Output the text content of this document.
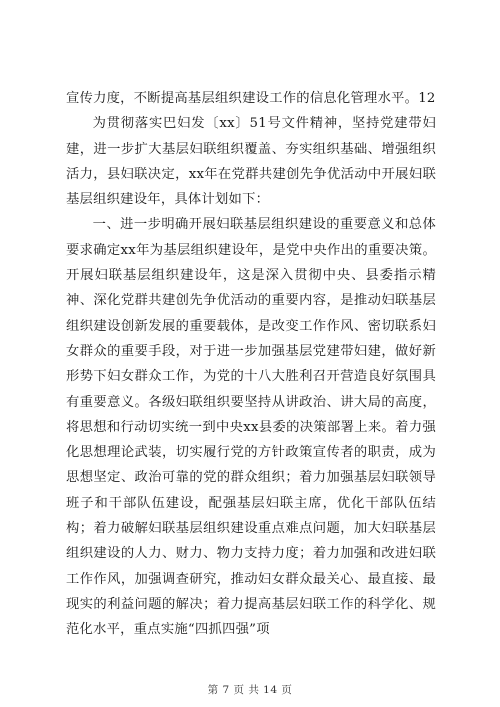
宣传力度，不断提高基层组织建设工作的信息化管理水平。12

为贯彻落实巴妇发〔xx〕51号文件精神，坚持党建带妇建，进一步扩大基层妇联组织覆盖、夯实组织基础、增强组织活力，县妇联决定，xx年在党群共建创先争优活动中开展妇联基层组织建设年，具体计划如下：

一、进一步明确开展妇联基层组织建设的重要意义和总体要求确定xx年为基层组织建设年，是党中央作出的重要决策。开展妇联基层组织建设年，这是深入贯彻中央、县委指示精神、深化党群共建创先争优活动的重要内容，是推动妇联基层组织建设创新发展的重要载体，是改变工作作风、密切联系妇女群众的重要手段，对于进一步加强基层党建带妇建，做好新形势下妇女群众工作，为党的十八大胜利召开营造良好氛围具有重要意义。各级妇联组织要坚持从讲政治、讲大局的高度，将思想和行动切实统一到中央xx县委的决策部署上来。着力强化思想理论武装，切实履行党的方针政策宣传者的职责，成为思想坚定、政治可靠的党的群众组织；着力加强基层妇联领导班子和干部队伍建设，配强基层妇联主席，优化干部队伍结构；着力破解妇联基层组织建设重点难点问题，加大妇联基层组织建设的人力、财力、物力支持力度；着力加强和改进妇联工作作风，加强调查研究，推动妇女群众最关心、最直接、最现实的利益问题的解决；着力提高基层妇联工作的科学化、规范化水平，重点实施“四抓四强”项

第 7 页 共 14 页
